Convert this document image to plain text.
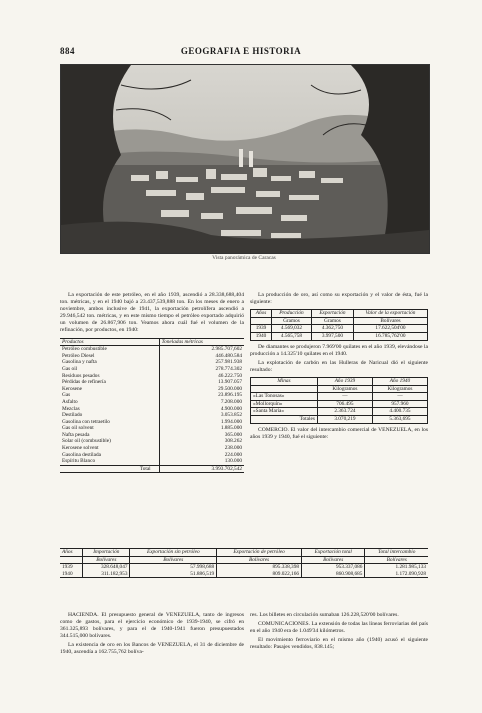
884	GEOGRAFIA E HISTORIA
Vista panorámica de Caracas

La exportación de este petróleo, en el año 1939, ascendió a 28.338,688,404 ton. métricas, y en el 1940 bajó a 23.437,539,888 ton. En los meses de enero a noviembre, ambos inclusive de 1941, la exportación petrolífera ascendió a 29.946,542 ton. métricas, y en este mismo tiempo el petróleo exportado adquirió un volumen de 26.867,906 ton. Veamos ahora cuál fué el volumen de la refinación, por productos, en 1940:

Productos	Toneladas métricas
Petróleo combustible	2.985.707,602
Petróleo Diesel	446.480.584
Gasolina y nafta	257.981.938
Gas oil	278.774.302
Residuos pesados	46.222.750
Pérdidas de refinería	13.907.057
Kerosene	29.500.000
Gas	23.896.195
Asfalto	7.208.000
Mezclas	4.900.000
Destilado	3.053.852
Gasolina con tetraetilo	1.994.000
Gas oil solvent	1.885.000
Nafta pesada	365.000
Solar oil (combustible)	308.262
Kerosene solvent	238.000
Gasolina destilada	224.000
Espíritu Blanco	130.000
Total	3.993.702,542

La producción de oro, así como su exportación y el valor de ésta, fué la siguiente:

Años	Producción	Exportación	Valor de la exportación
	Gramos	Gramos	Bolívares
1939	4.569,032	4.362,750	17.622,504'00
1940	4.565,758	3.997,500	16.785,762'00

De diamantes se produjeron 7.969'00 quilates en el año 1939, elevándose la producción a 14.325'10 quilates en el 1940.

La explotación de carbón en las Hulleras de Naricual dió el siguiente resultado:

Minas	Año 1939	Año 1940
	Kilogramos	Kilogramos
«Las Tonosas»	—	—
«Mollorquín»	706.495	957.960
«Santa María»	2.363.724	4.400.735
Totales	3.070,219	5.363,695

COMERCIO. El valor del intercambio comercial de VENEZUELA, en los años 1939 y 1940, fué el siguiente:

Años	Importación	Exportación sin petróleo	Exportación de petróleo	Exportación total	Total intercambio
	Bolívares	Bolívares	Bolívares	Bolívares	Bolívares
1939	328.648,047	57.998,688	895.338,398	953.337,086	1.281.985,133
1940	311.182,953	51.886,519	809.022,166	860.908,685	1.172.090,928

HACIENDA. El presupuesto general de VENEZUELA, tanto de ingresos como de gastos, para el ejercicio económico de 1939-1940, se cifró en 361.325,893 bolívares, y para el de 1940-1941 fueron presupuestados 344.515,000 bolívares.

La existencia de oro en los Bancos de VENEZUELA, el 31 de diciembre de 1940, ascendía a 162.755,762 bolíva-

res. Los billetes en circulación sumaban 126.228,520'00 bolívares.

COMUNICACIONES. La extensión de todas las líneas ferroviarias del país en el año 1940 era de 1.049'34 kilómetros.

El movimiento ferroviario en el mismo año (1940) acusó el siguiente resultado: Pasajes vendidos, 838.145;
